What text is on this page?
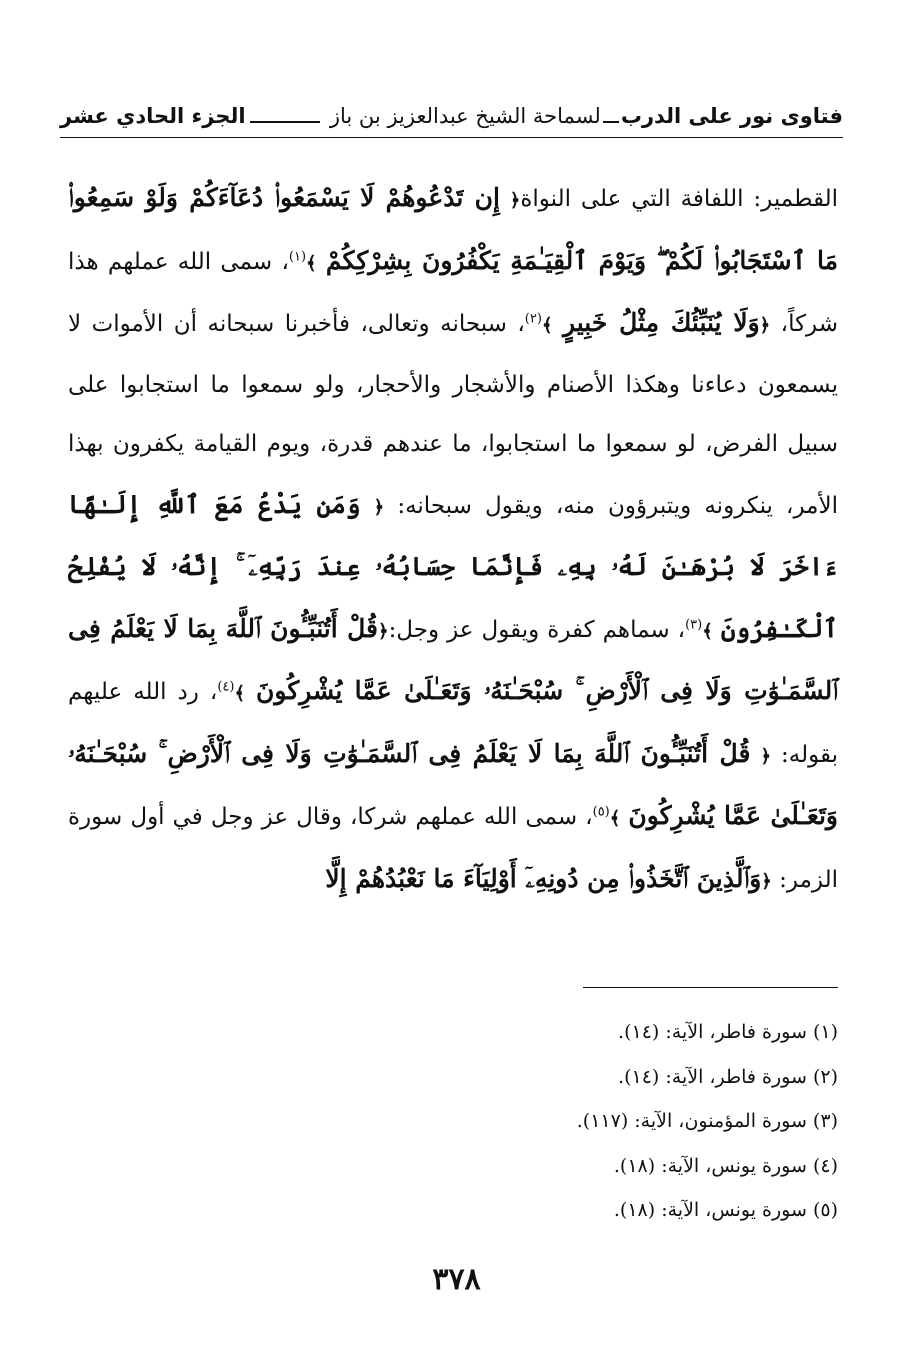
فتاوى نور على الدرب
لسماحة الشيخ عبدالعزيز بن باز
الجزء الحادي عشر

القطمير: اللفافة التي على النواة﴿ إِن تَدْعُوهُمْ لَا يَسْمَعُوا۟ دُعَآءَكُمْ وَلَوْ سَمِعُوا۟ مَا ٱسْتَجَابُوا۟ لَكُمْ ۖ وَيَوْمَ ٱلْقِيَـٰمَةِ يَكْفُرُونَ بِشِرْكِكُمْ ﴾$^{(١)}$، سمى الله عملهم هذا شركاً، ﴿وَلَا يُنَبِّئُكَ مِثْلُ خَبِيرٍ ﴾$^{(٢)}$، سبحانه وتعالى، فأخبرنا سبحانه أن الأموات لا يسمعون دعاءنا وهكذا الأصنام والأشجار والأحجار، ولو سمعوا ما استجابوا على سبيل الفرض، لو سمعوا ما استجابوا، ما عندهم قدرة، ويوم القيامة يكفرون بهذا الأمر، ينكرونه ويتبرؤون منه، ويقول سبحانه: ﴿ وَمَن يَدْعُ مَعَ ٱللَّهِ إِلَـٰهًا ءَاخَرَ لَا بُرْهَـٰنَ لَهُۥ بِهِۦ فَإِنَّمَا حِسَابُهُۥ عِندَ رَبِّهِۦٓ ۚ إِنَّهُۥ لَا يُفْلِحُ ٱلْكَـٰفِرُونَ ﴾$^{(٣)}$، سماهم كفرة ويقول عز وجل:﴿قُلْ أَتُنَبِّـُٔونَ ٱللَّهَ بِمَا لَا يَعْلَمُ فِى ٱلسَّمَـٰوَٰتِ وَلَا فِى ٱلْأَرْضِ ۚ سُبْحَـٰنَهُۥ وَتَعَـٰلَىٰ عَمَّا يُشْرِكُونَ ﴾$^{(٤)}$، رد الله عليهم بقوله: ﴿ قُلْ أَتُنَبِّـُٔونَ ٱللَّهَ بِمَا لَا يَعْلَمُ فِى ٱلسَّمَـٰوَٰتِ وَلَا فِى ٱلْأَرْضِ ۚ سُبْحَـٰنَهُۥ وَتَعَـٰلَىٰ عَمَّا يُشْرِكُونَ ﴾$^{(٥)}$، سمى الله عملهم شركا، وقال عز وجل في أول سورة الزمر: ﴿وَٱلَّذِينَ ٱتَّخَذُوا۟ مِن دُونِهِۦٓ أَوْلِيَآءَ مَا نَعْبُدُهُمْ إِلَّا

(١) سورة فاطر، الآية: (١٤).
(٢) سورة فاطر، الآية: (١٤).
(٣) سورة المؤمنون، الآية: (١١٧).
(٤) سورة يونس، الآية: (١٨).
(٥) سورة يونس، الآية: (١٨).
٣٧٨
